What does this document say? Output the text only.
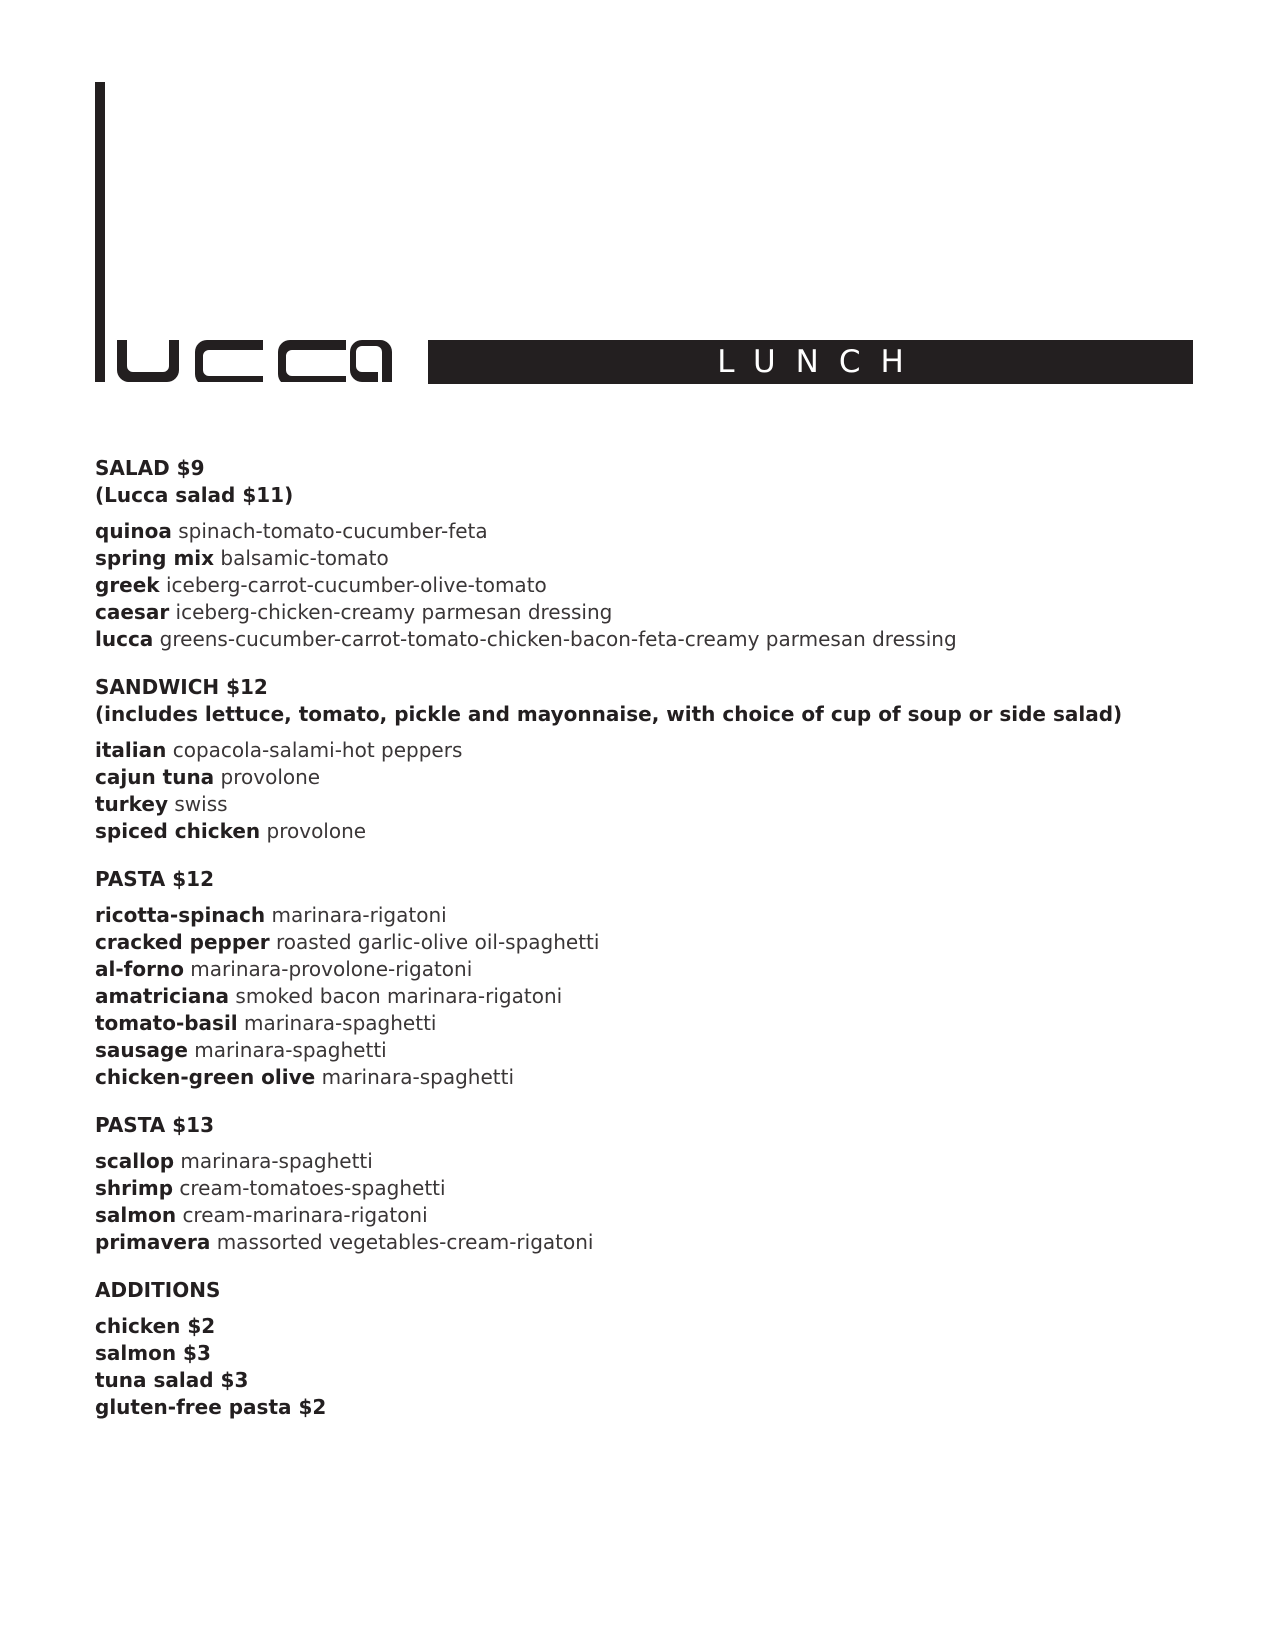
LUNCH
SALAD $9
(Lucca salad $11)
quinoa spinach-tomato-cucumber-feta
spring mix balsamic-tomato
greek iceberg-carrot-cucumber-olive-tomato
caesar iceberg-chicken-creamy parmesan dressing
lucca greens-cucumber-carrot-tomato-chicken-bacon-feta-creamy parmesan dressing
SANDWICH $12
(includes lettuce, tomato, pickle and mayonnaise, with choice of cup of soup or side salad)
italian copacola-salami-hot peppers
cajun tuna provolone
turkey swiss
spiced chicken provolone
PASTA $12
ricotta-spinach marinara-rigatoni
cracked pepper roasted garlic-olive oil-spaghetti
al-forno marinara-provolone-rigatoni
amatriciana smoked bacon marinara-rigatoni
tomato-basil marinara-spaghetti
sausage marinara-spaghetti
chicken-green olive marinara-spaghetti
PASTA $13
scallop marinara-spaghetti
shrimp cream-tomatoes-spaghetti
salmon cream-marinara-rigatoni
primavera massorted vegetables-cream-rigatoni
ADDITIONS
chicken $2
salmon $3
tuna salad $3
gluten-free pasta $2
